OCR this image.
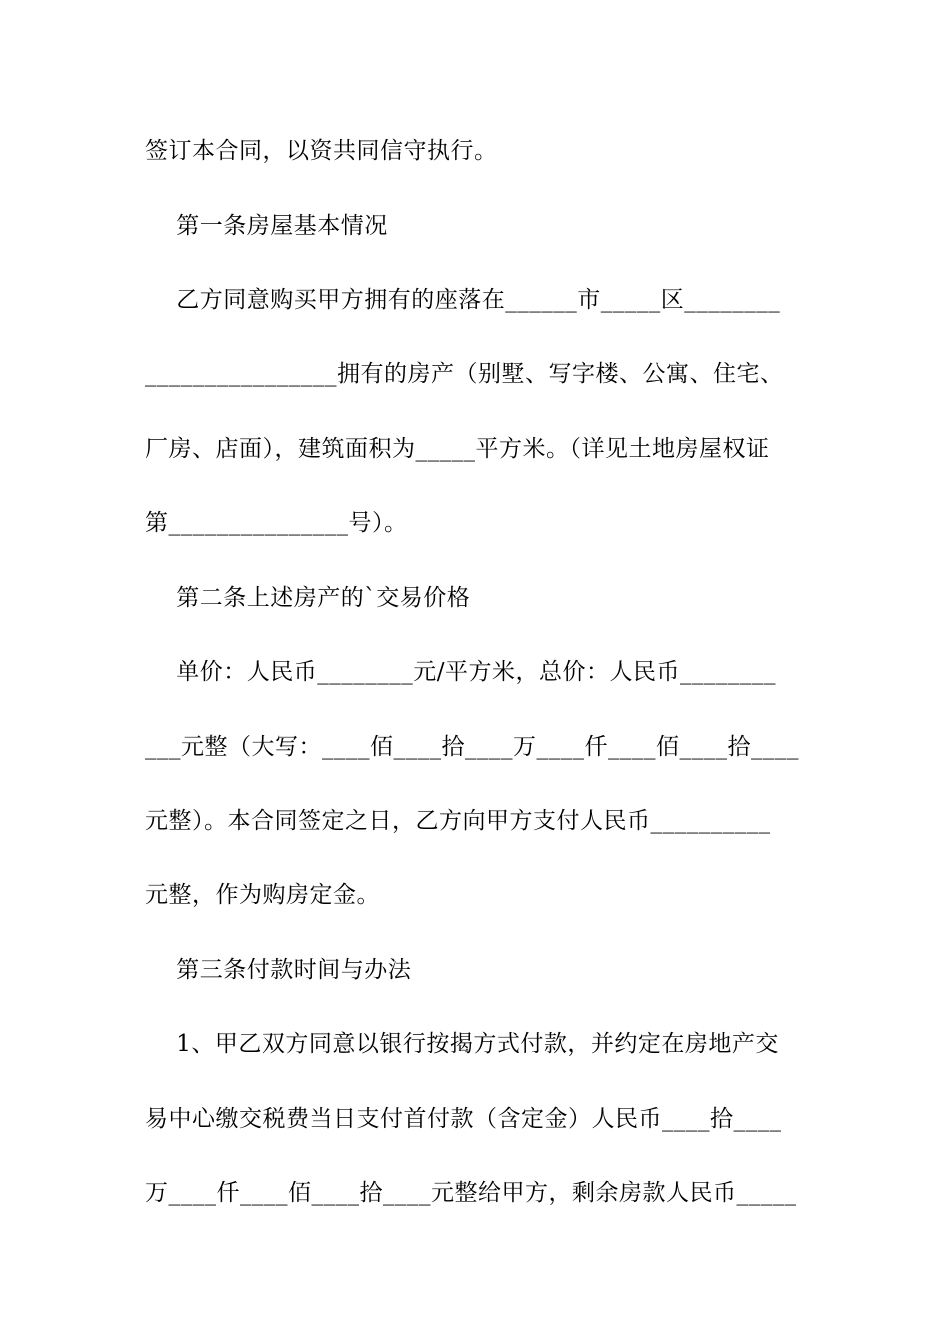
签订本合同，以资共同信守执行。
第一条房屋基本情况
乙方同意购买甲方拥有的座落在______市_____区________
________________拥有的房产（别墅、写字楼、公寓、住宅、
厂房、店面），建筑面积为_____平方米。（详见土地房屋权证
第_______________号）。
第二条上述房产的`交易价格
单价：人民币________元/平方米，总价：人民币________
___元整（大写：____佰____拾____万____仟____佰____拾____
元整）。本合同签定之日，乙方向甲方支付人民币__________
元整，作为购房定金。
第三条付款时间与办法
1、甲乙双方同意以银行按揭方式付款，并约定在房地产交
易中心缴交税费当日支付首付款（含定金）人民币____拾____
万____仟____佰____拾____元整给甲方，剩余房款人民币_____
